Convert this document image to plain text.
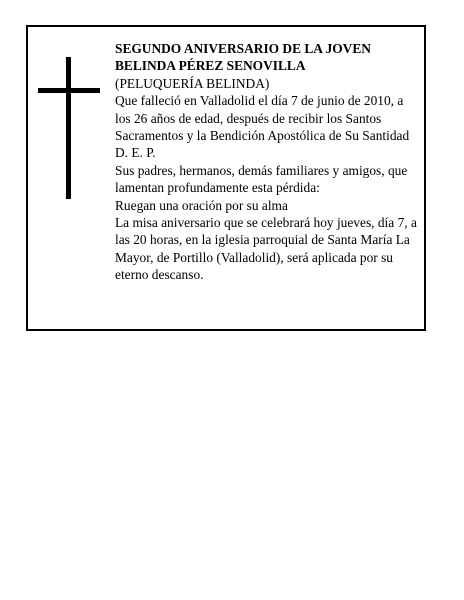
SEGUNDO ANIVERSARIO DE LA JOVEN BELINDA PÉREZ SENOVILLA

(PELUQUERÍA BELINDA)

Que falleció en Valladolid el día 7 de junio de 2010, a los 26 años de edad, después de recibir los Santos Sacramentos y la Bendición Apostólica de Su Santidad

D. E. P.

Sus padres, hermanos, demás familiares y amigos, que lamentan profundamente esta pérdida:

Ruegan una oración por su alma

La misa aniversario que se celebrará hoy jueves, día 7, a las 20 horas, en la iglesia parroquial de Santa María La Mayor, de Portillo (Valladolid), será aplicada por su eterno descanso.
